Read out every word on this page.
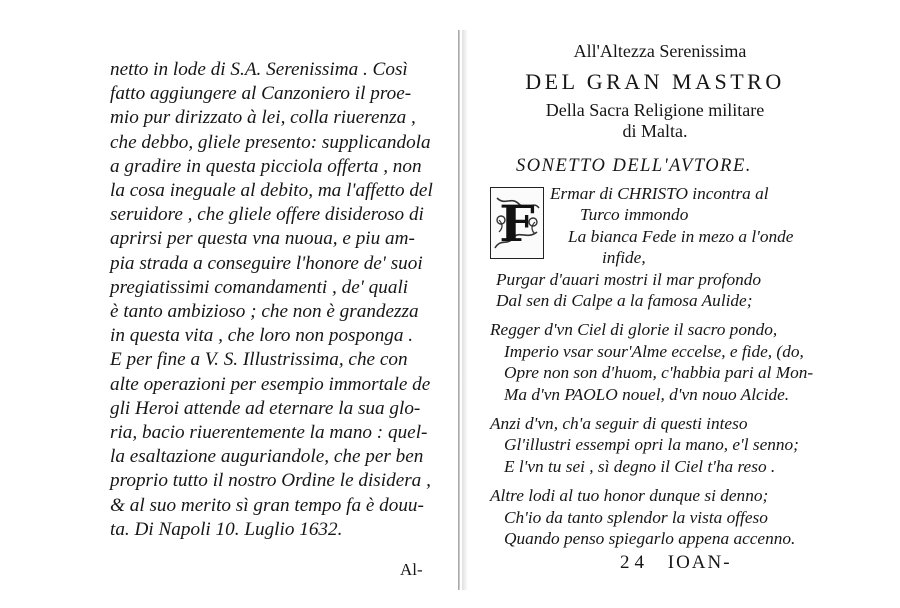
netto in lode di S.A. Serenissima . Così
fatto aggiungere al Canzoniero il proe-
mio pur dirizzato à lei, colla riuerenza ,
che debbo, gliele presento: supplicandola
a gradire in questa picciola offerta , non
la cosa ineguale al debito, ma l'affetto del
seruidore , che gliele offere disideroso di
aprirsi per questa vna nuoua, e piu am-
pia strada a conseguire l'honore de' suoi
pregiatissimi comandamenti , de' quali
è tanto ambizioso ; che non è grandezza
in questa vita , che loro non posponga .
E per fine a V. S. Illustrissima, che con
alte operazioni per esempio immortale de
gli Heroi attende ad eternare la sua glo-
ria, bacio riuerentemente la mano : quel-
la esaltazione auguriandole, che per ben
proprio tutto il nostro Ordine le disidera ,
& al suo merito sì gran tempo fa è douu-
ta. Di Napoli 10. Luglio 1632.
Al-
All'Altezza Serenissima
DEL GRAN MASTRO
Della Sacra Religione militare
di Malta.
SONETTO DELL'AVTORE.
F Ermar di CHRISTO incontra al
Turco immondo
La bianca Fede in mezo a l'onde
infide,
Purgar d'auari mostri il mar profondo
Dal sen di Calpe a la famosa Aulide;
Regger d'vn Ciel di glorie il sacro pondo,
Imperio vsar sour'Alme eccelse, e fide, (do,
Opre non son d'huom, c'habbia pari al Mon-
Ma d'vn PAOLO nouel, d'vn nouo Alcide.
Anzi d'vn, ch'a seguir di questi inteso
Gl'illustri essempi opri la mano, e'l senno;
E l'vn tu sei , sì degno il Ciel t'ha reso .
Altre lodi al tuo honor dunque si denno;
Ch'io da tanto splendor la vista offeso
Quando penso spiegarlo appena accenno.
24 IOAN-
